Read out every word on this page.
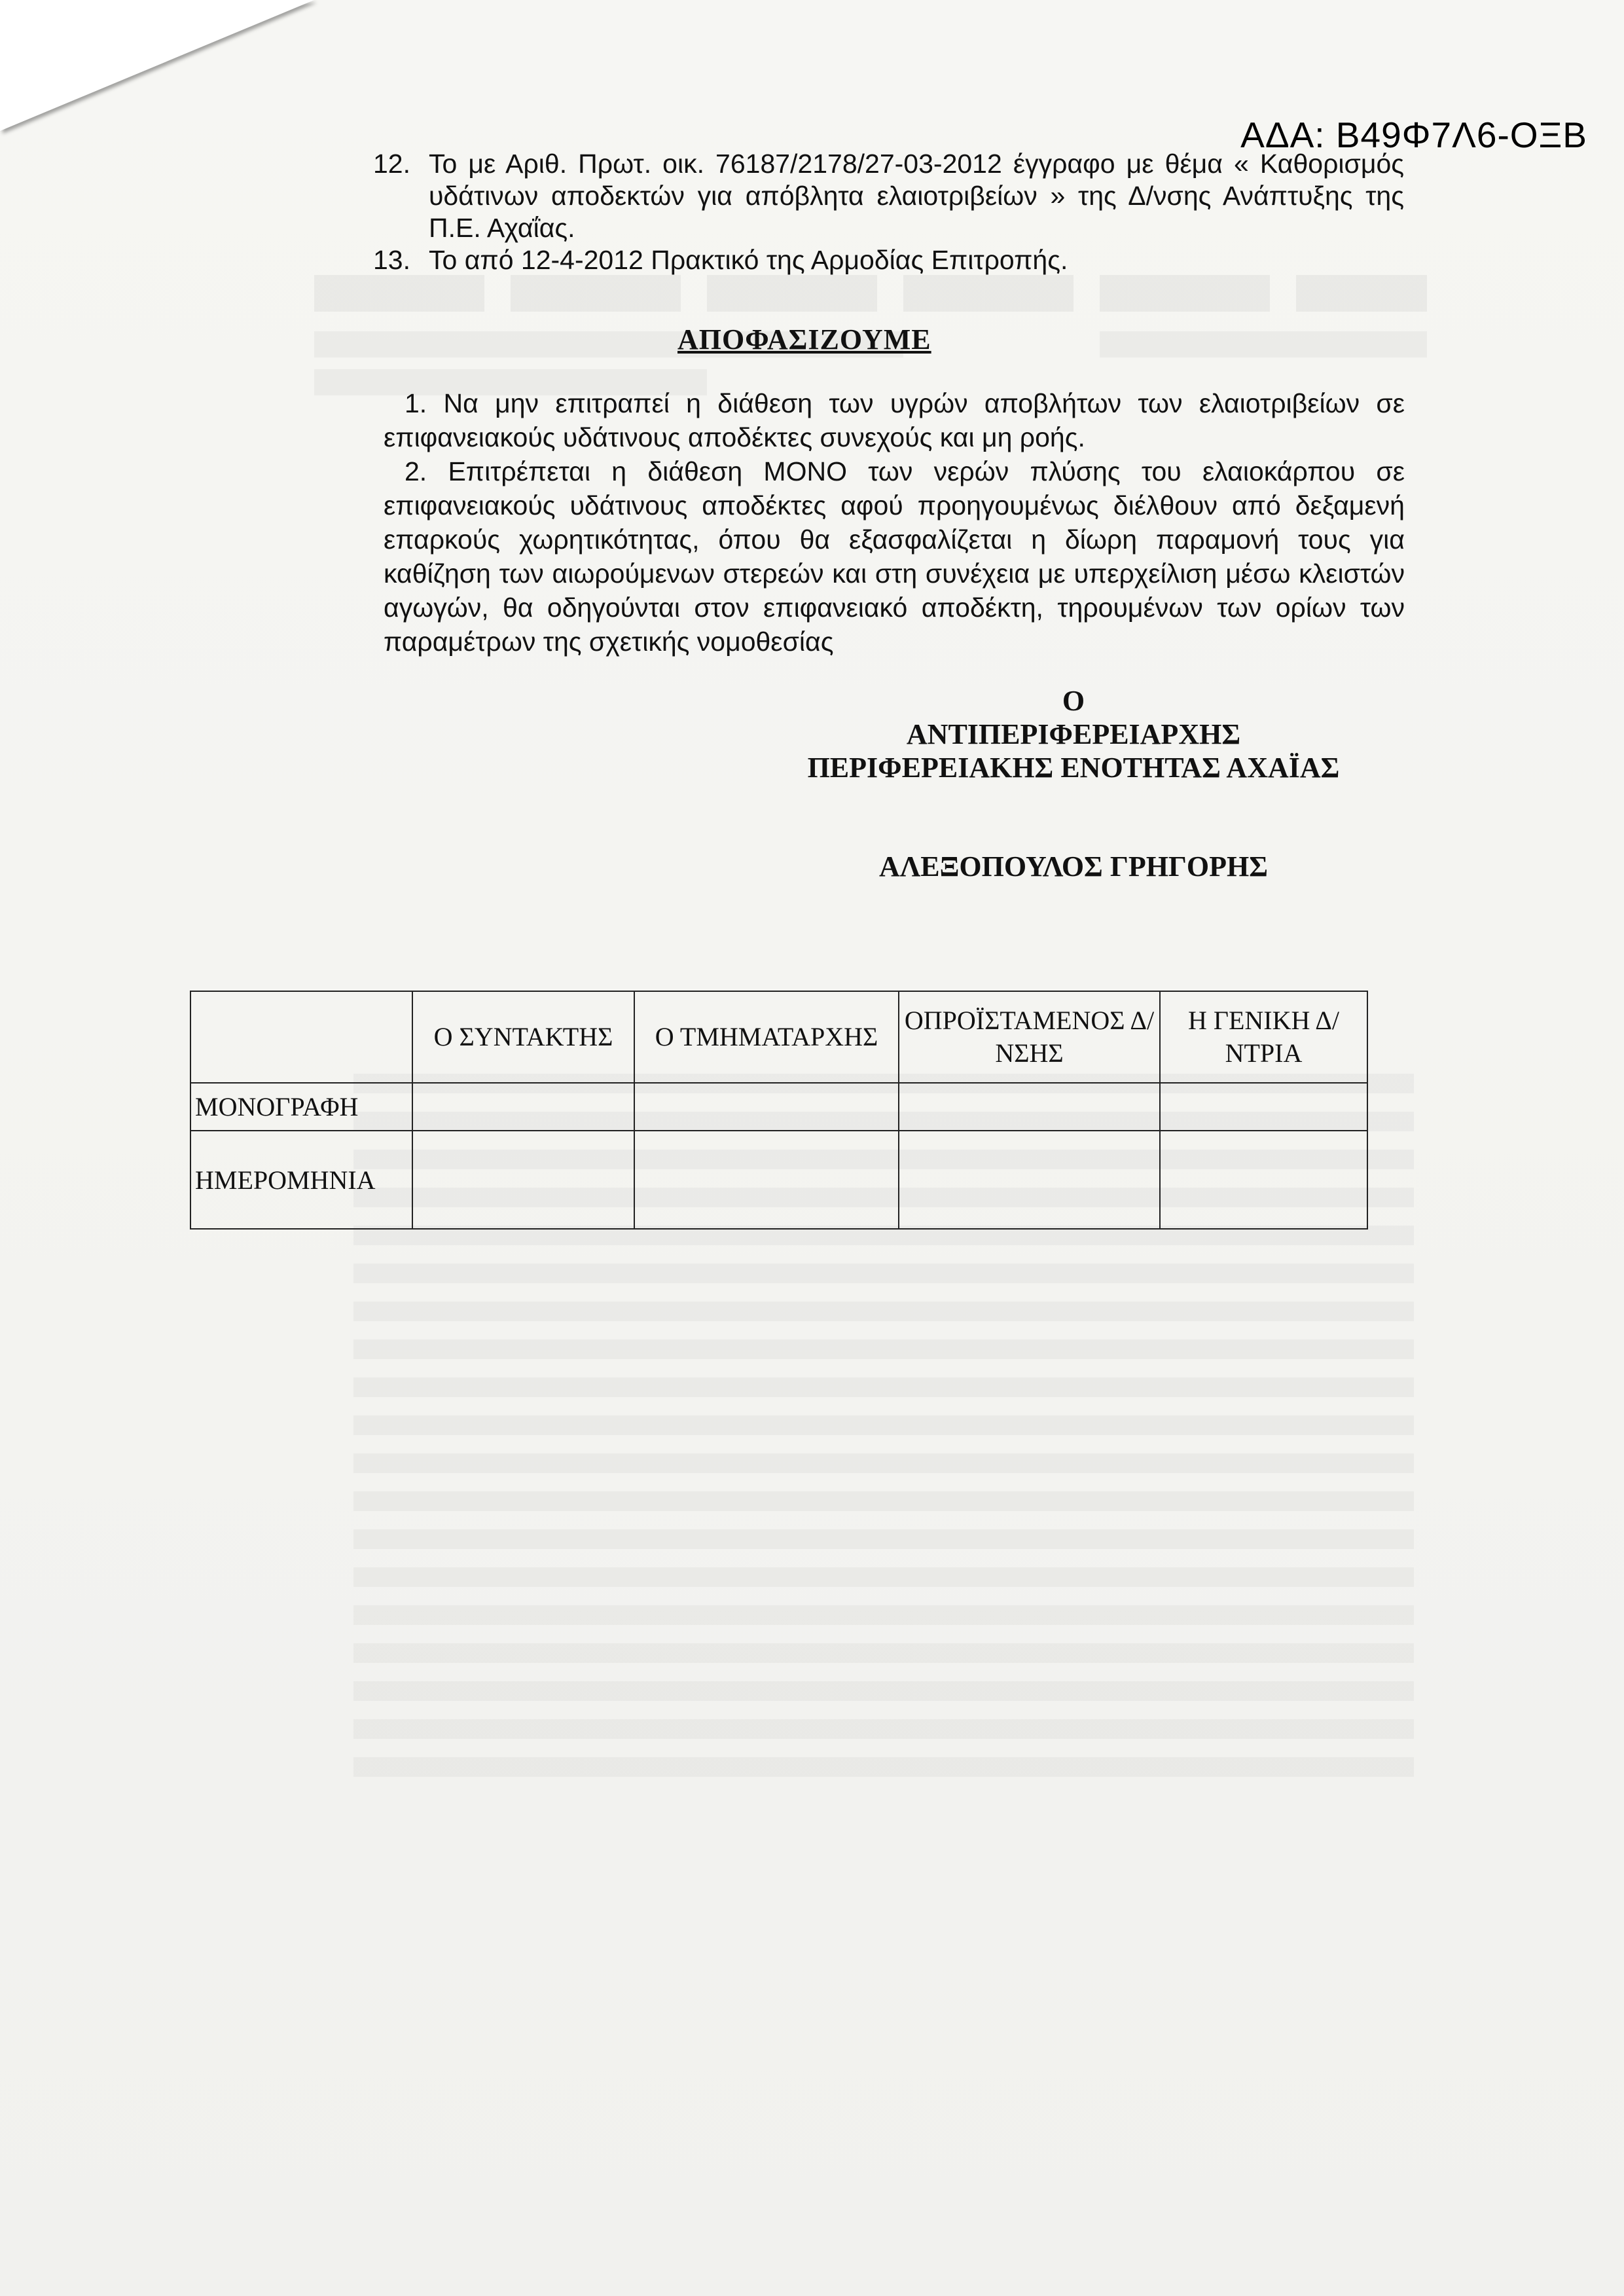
ΑΔΑ: Β49Φ7Λ6-ΟΞΒ
12. Το με Αριθ. Πρωτ. οικ. 76187/2178/27-03-2012 έγγραφο με θέμα « Καθορισμός υδάτινων αποδεκτών για απόβλητα ελαιοτριβείων » της Δ/νσης Ανάπτυξης της Π.Ε. Αχαΐας.
13. Το από 12-4-2012 Πρακτικό της Αρμοδίας Επιτροπής.
ΑΠΟΦΑΣΙΖΟΥΜΕ

1. Να μην επιτραπεί η διάθεση των υγρών αποβλήτων των ελαιοτριβείων σε επιφανειακούς υδάτινους αποδέκτες συνεχούς και μη ροής.

2. Επιτρέπεται η διάθεση ΜΟΝΟ των νερών πλύσης του ελαιοκάρπου σε επιφανειακούς υδάτινους αποδέκτες αφού προηγουμένως διέλθουν από δεξαμενή επαρκούς χωρητικότητας, όπου θα εξασφαλίζεται η δίωρη παραμονή τους για καθίζηση των αιωρούμενων στερεών και στη συνέχεια με υπερχείλιση μέσω κλειστών αγωγών, θα οδηγούνται στον επιφανειακό αποδέκτη, τηρουμένων των ορίων των παραμέτρων της σχετικής νομοθεσίας

Ο
ΑΝΤΙΠΕΡΙΦΕΡΕΙΑΡΧΗΣ
ΠΕΡΙΦΕΡΕΙΑΚΗΣ ΕΝΟΤΗΤΑΣ ΑΧΑΪΑΣ
ΑΛΕΞΟΠΟΥΛΟΣ ΓΡΗΓΟΡΗΣ
	Ο ΣΥΝΤΑΚΤΗΣ	Ο ΤΜΗΜΑΤΑΡΧΗΣ	ΟΠΡΟΪΣΤΑΜΕΝΟΣ Δ/ΝΣΗΣ	Η ΓΕΝΙΚΗ Δ/ΝΤΡΙΑ
ΜΟΝΟΓΡΑΦΗ				
ΗΜΕΡΟΜΗΝΙΑ				
